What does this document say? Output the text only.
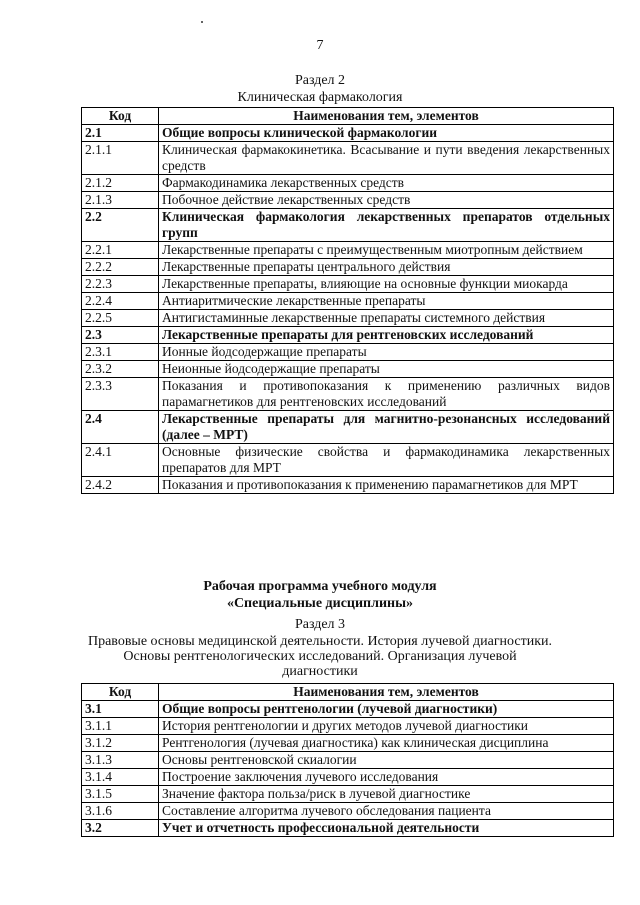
7
Раздел 2
Клиническая фармакология
Код	Наименования тем, элементов
2.1	Общие вопросы клинической фармакологии
2.1.1	Клиническая фармакокинетика. Всасывание и пути введения лекарственных средств
2.1.2	Фармакодинамика лекарственных средств
2.1.3	Побочное действие лекарственных средств
2.2	Клиническая фармакология лекарственных препаратов отдельных групп
2.2.1	Лекарственные препараты с преимущественным миотропным действием
2.2.2	Лекарственные препараты центрального действия
2.2.3	Лекарственные препараты, влияющие на основные функции миокарда
2.2.4	Антиаритмические лекарственные препараты
2.2.5	Антигистаминные лекарственные препараты системного действия
2.3	Лекарственные препараты для рентгеновских исследований
2.3.1	Ионные йодсодержащие препараты
2.3.2	Неионные йодсодержащие препараты
2.3.3	Показания и противопоказания к применению различных видов парамагнетиков для рентгеновских исследований
2.4	Лекарственные препараты для магнитно-резонансных исследований (далее – МРТ)
2.4.1	Основные физические свойства и фармакодинамика лекарственных препаратов для МРТ
2.4.2	Показания и противопоказания к применению парамагнетиков для МРТ
Рабочая программа учебного модуля
«Специальные дисциплины»
Раздел 3
Правовые основы медицинской деятельности. История лучевой диагностики.
Основы рентгенологических исследований. Организация лучевой
диагностики
Код	Наименования тем, элементов
3.1	Общие вопросы рентгенологии (лучевой диагностики)
3.1.1	История рентгенологии и других методов лучевой диагностики
3.1.2	Рентгенология (лучевая диагностика) как клиническая дисциплина
3.1.3	Основы рентгеновской скиалогии
3.1.4	Построение заключения лучевого исследования
3.1.5	Значение фактора польза/риск в лучевой диагностике
3.1.6	Составление алгоритма лучевого обследования пациента
3.2	Учет и отчетность профессиональной деятельности
